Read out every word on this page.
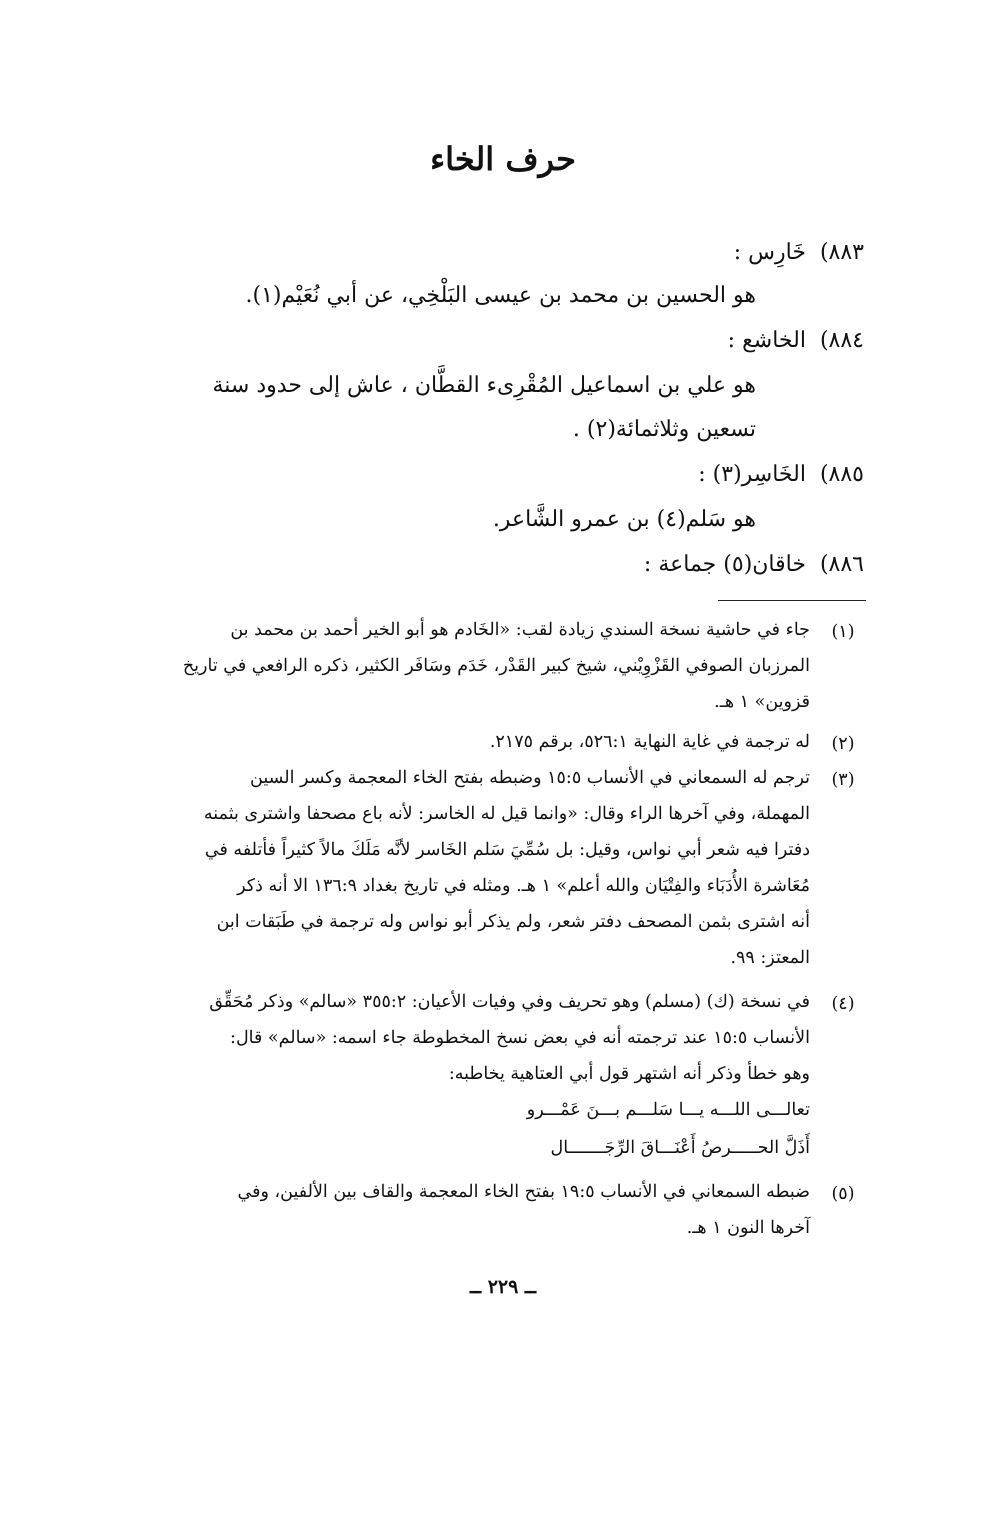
حرف الخاء
٨٨٣)خَارِس :
هو الحسين بن محمد بن عيسى البَلْخِي، عن أبي نُعَيْم(١).
٨٨٤)الخاشع :
هو علي بن اسماعيل المُقْرِىء القطَّان ، عاش إلى حدود سنة
تسعين وثلاثمائة(٢) .
٨٨٥)الخَاسِر(٣) :
هو سَلم(٤) بن عمرو الشَّاعر.
٨٨٦)خاقان(٥) جماعة :
(١)
جاء في حاشية نسخة السندي زيادة لقب: «الخَادم هو أبو الخير أحمد بن محمد بن
المرزبان الصوفي القَزْوِيْني، شيخ كبير القَدْر، خَدَم وسَافَر الكثير، ذكره الرافعي في تاريخ
قزوين» ١ هـ.
(٢)
له ترجمة في غاية النهاية ٥٢٦:١، برقم ٢١٧٥.
(٣)
ترجم له السمعاني في الأنساب ١٥:٥ وضبطه بفتح الخاء المعجمة وكسر السين
المهملة، وفي آخرها الراء وقال: «وانما قيل له الخاسر: لأنه باع مصحفا واشترى بثمنه
دفترا فيه شعر أبي نواس، وقيل: بل سُمِّيَ سَلم الخَاسر لأنَّه مَلَكَ مالاً كثيراً فأتلفه في
مُعَاشرة الأُدَبَاء والفِتْيَان والله أعلم» ١ هـ. ومثله في تاريخ بغداد ١٣٦:٩ الا أنه ذكر
أنه اشترى بثمن المصحف دفتر شعر، ولم يذكر أبو نواس وله ترجمة في طَبَقات ابن
المعتز: ٩٩.
(٤)
في نسخة (ك) (مسلم) وهو تحريف وفي وفيات الأعيان: ٣٥٥:٢ «سالم» وذكر مُحَقِّق
الأنساب ١٥:٥ عند ترجمته أنه في بعض نسخ المخطوطة جاء اسمه: «سالم» قال:
وهو خطأ وذكر أنه اشتهر قول أبي العتاهية يخاطبه:
تعالـــى اللـــه يـــا سَلـــم بـــنَ عَمْـــرو
أَذَلَّ الحـــــرصُ أَعْنَـــاقَ الرِّجَـــــــال
(٥)
ضبطه السمعاني في الأنساب ١٩:٥ بفتح الخاء المعجمة والقاف بين الألفين، وفي
آخرها النون ١ هـ.
ــ ٢٢٩ ــ
